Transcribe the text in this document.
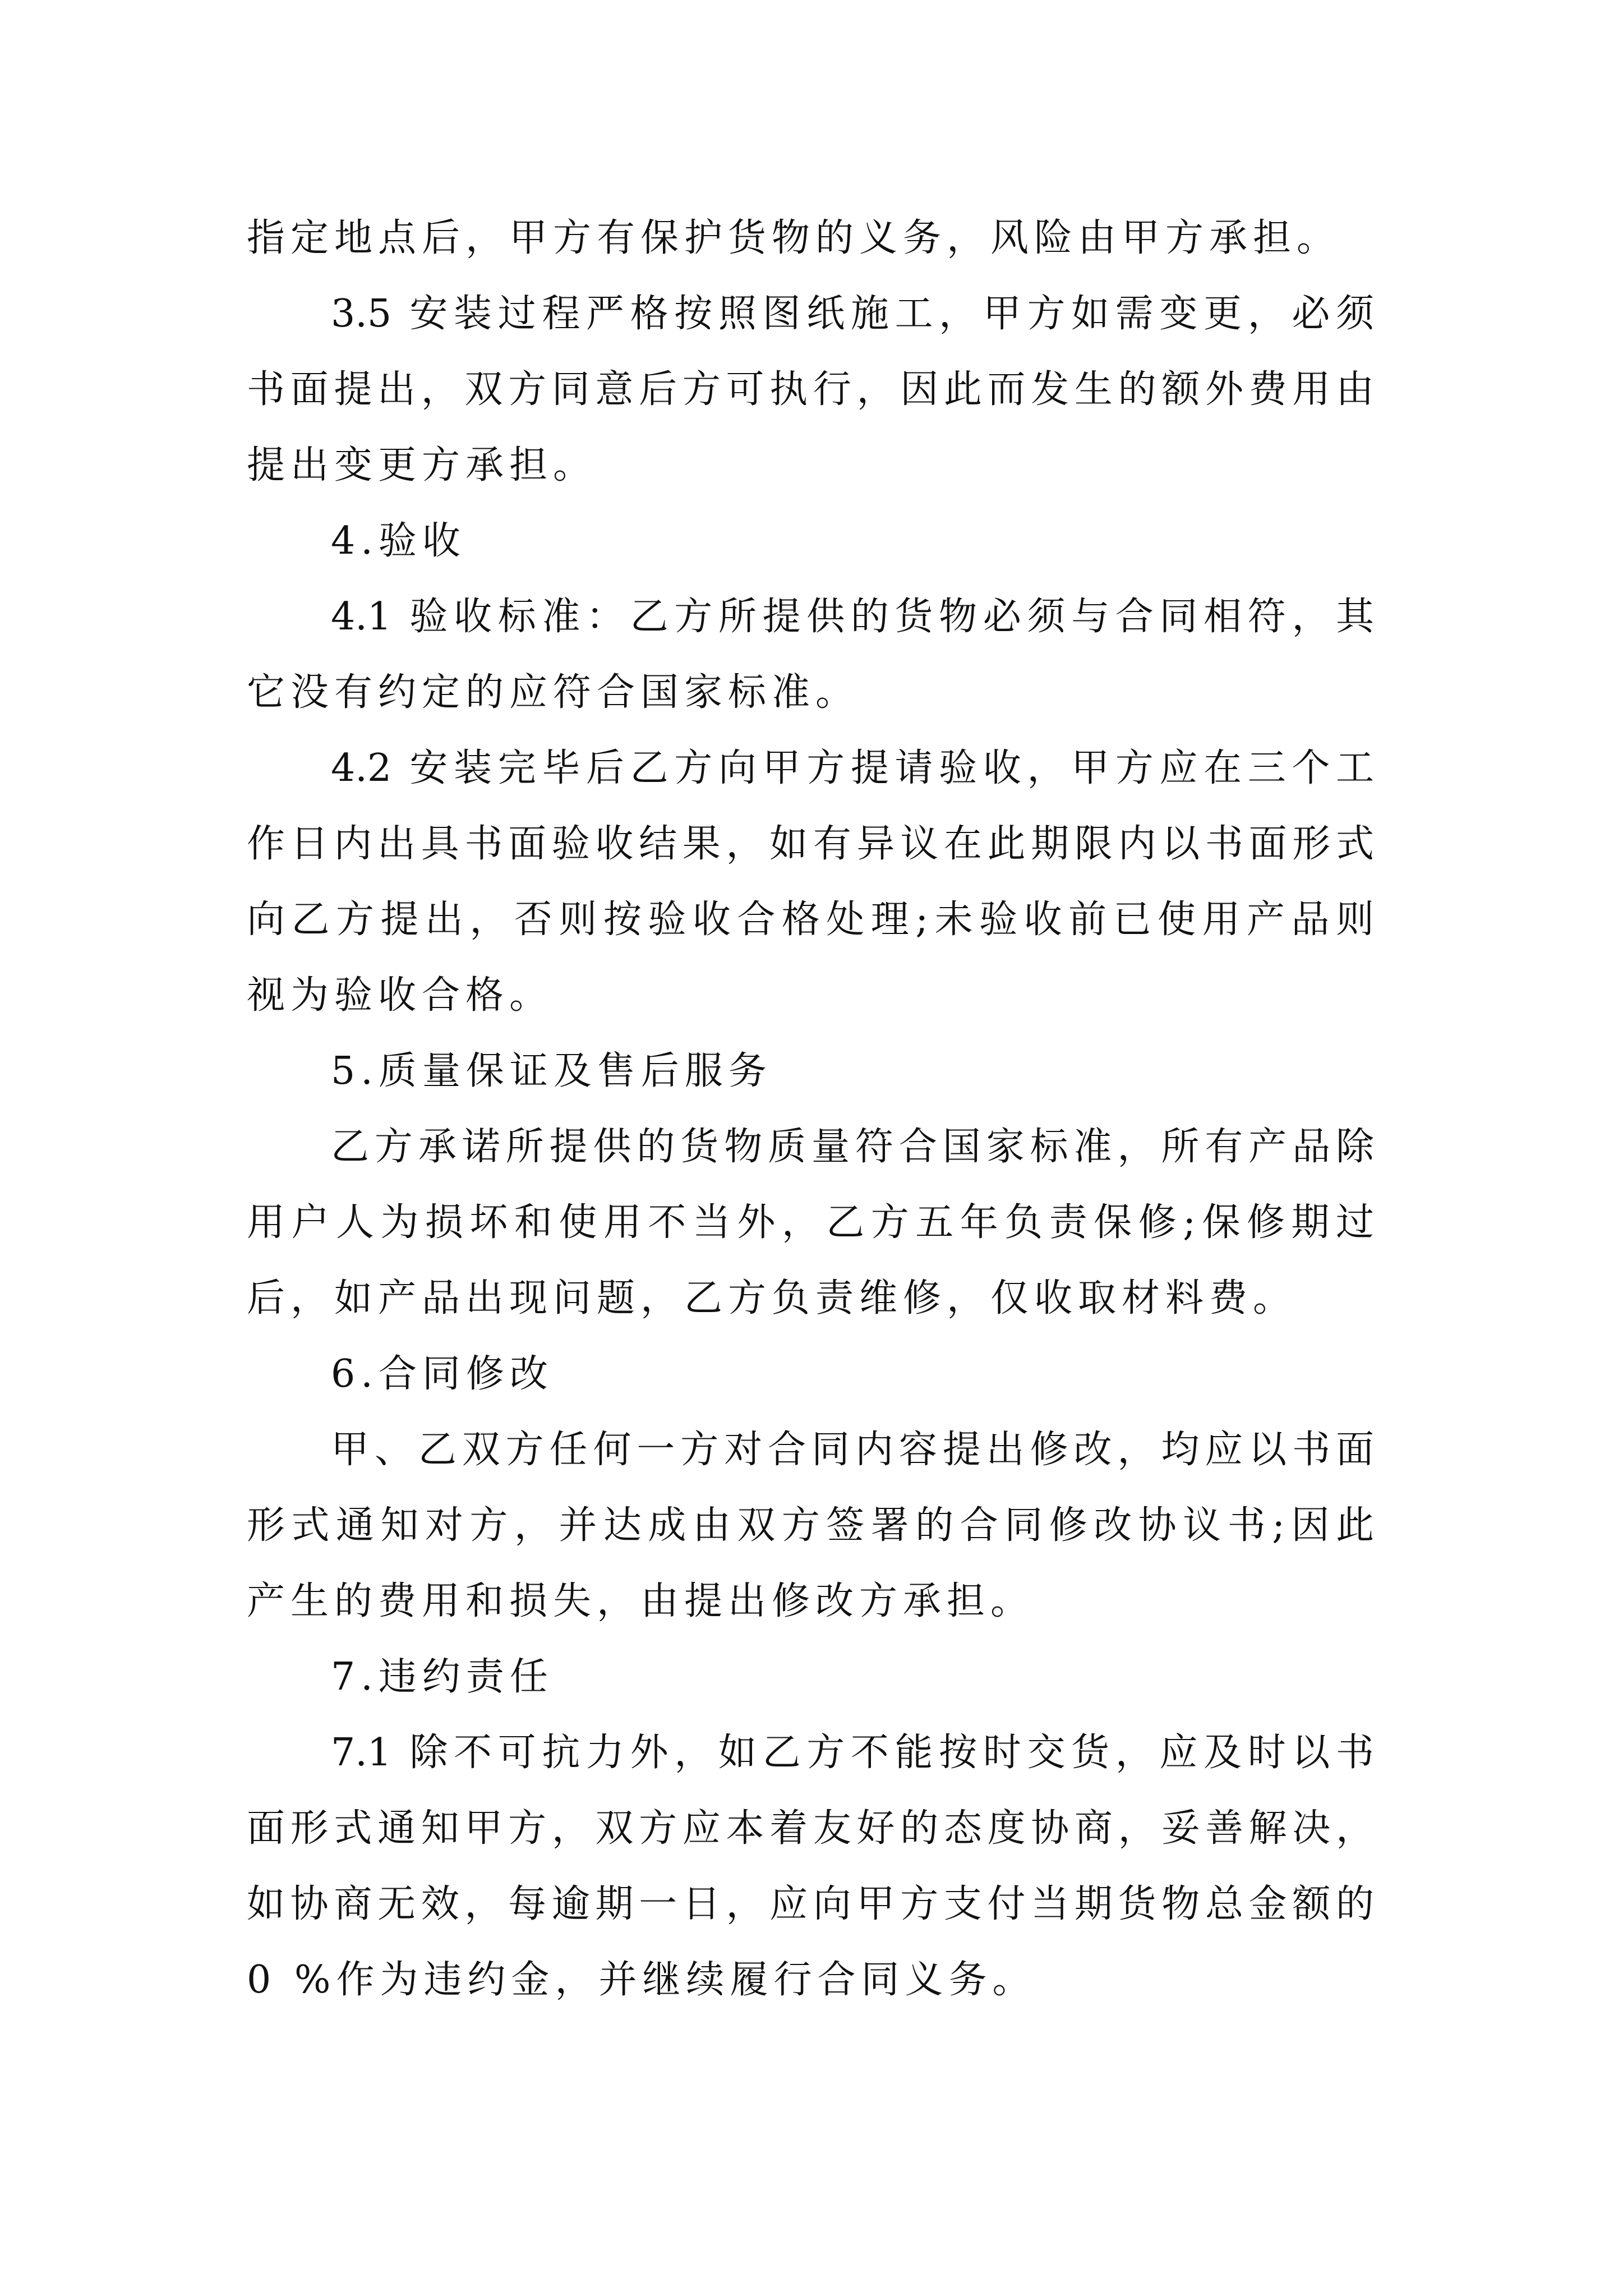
指定地点后，甲方有保护货物的义务，风险由甲方承担。
3.5 安装过程严格按照图纸施工，甲方如需变更，必须
书面提出，双方同意后方可执行，因此而发生的额外费用由
提出变更方承担。
4.验收
4.1 验收标准：乙方所提供的货物必须与合同相符，其
它没有约定的应符合国家标准。
4.2 安装完毕后乙方向甲方提请验收，甲方应在三个工
作日内出具书面验收结果，如有异议在此期限内以书面形式
向乙方提出，否则按验收合格处理;未验收前已使用产品则
视为验收合格。
5.质量保证及售后服务
乙方承诺所提供的货物质量符合国家标准，所有产品除
用户人为损坏和使用不当外，乙方五年负责保修;保修期过
后，如产品出现问题，乙方负责维修，仅收取材料费。
6.合同修改
甲、乙双方任何一方对合同内容提出修改，均应以书面
形式通知对方，并达成由双方签署的合同修改协议书;因此
产生的费用和损失，由提出修改方承担。
7.违约责任
7.1 除不可抗力外，如乙方不能按时交货，应及时以书
面形式通知甲方，双方应本着友好的态度协商，妥善解决，
如协商无效，每逾期一日，应向甲方支付当期货物总金额的
0 %作为违约金，并继续履行合同义务。
